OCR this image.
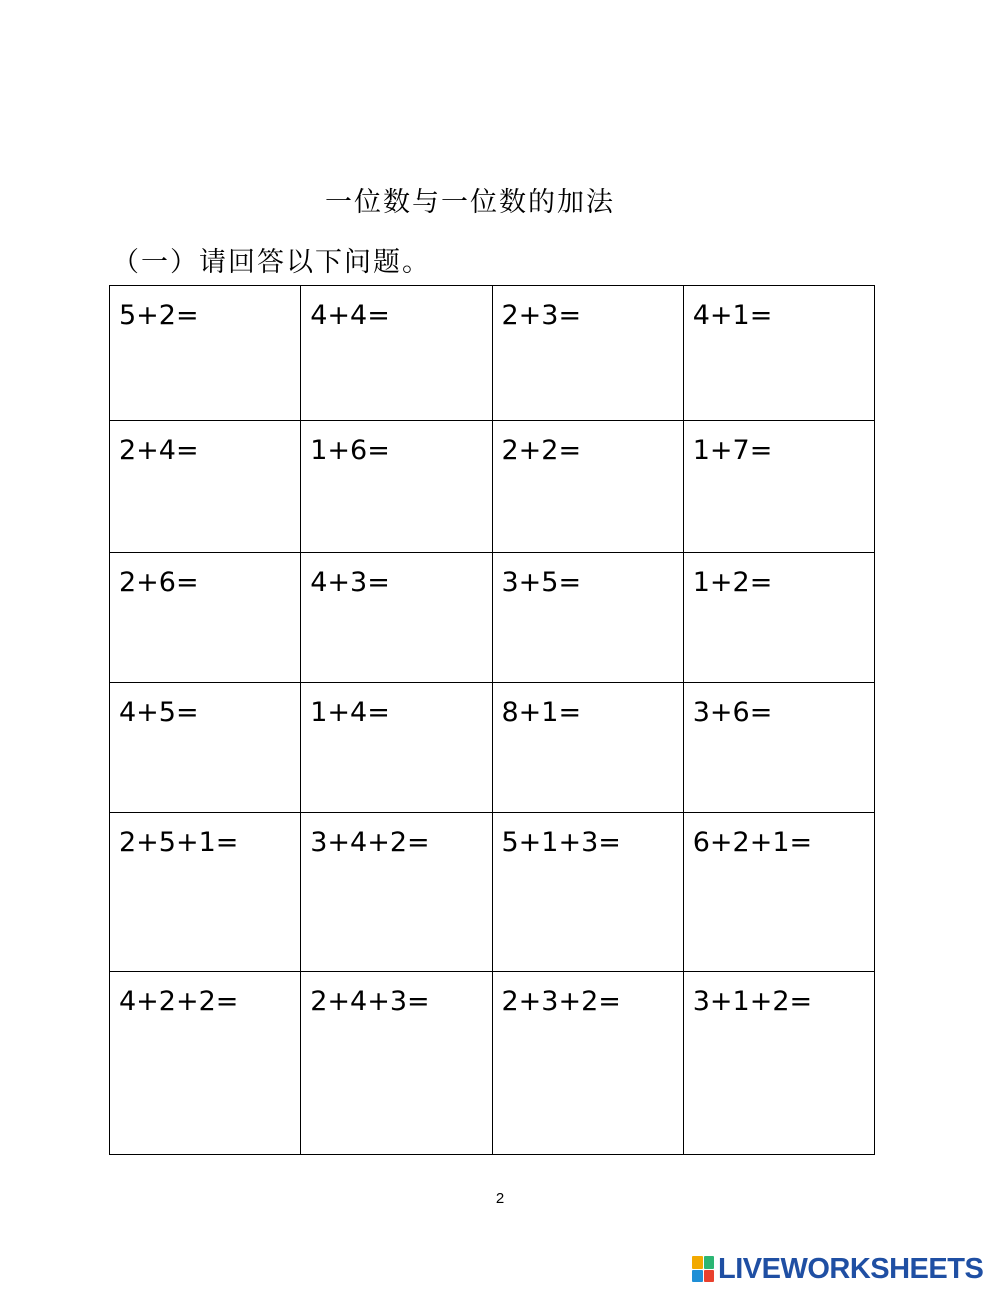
一位数与一位数的加法
（一）请回答以下问题。
5+2=	4+4=	2+3=	4+1=
2+4=	1+6=	2+2=	1+7=
2+6=	4+3=	3+5=	1+2=
4+5=	1+4=	8+1=	3+6=
2+5+1=	3+4+2=	5+1+3=	6+2+1=
4+2+2=	2+4+3=	2+3+2=	3+1+2=
2
LIVEWORKSHEETS
